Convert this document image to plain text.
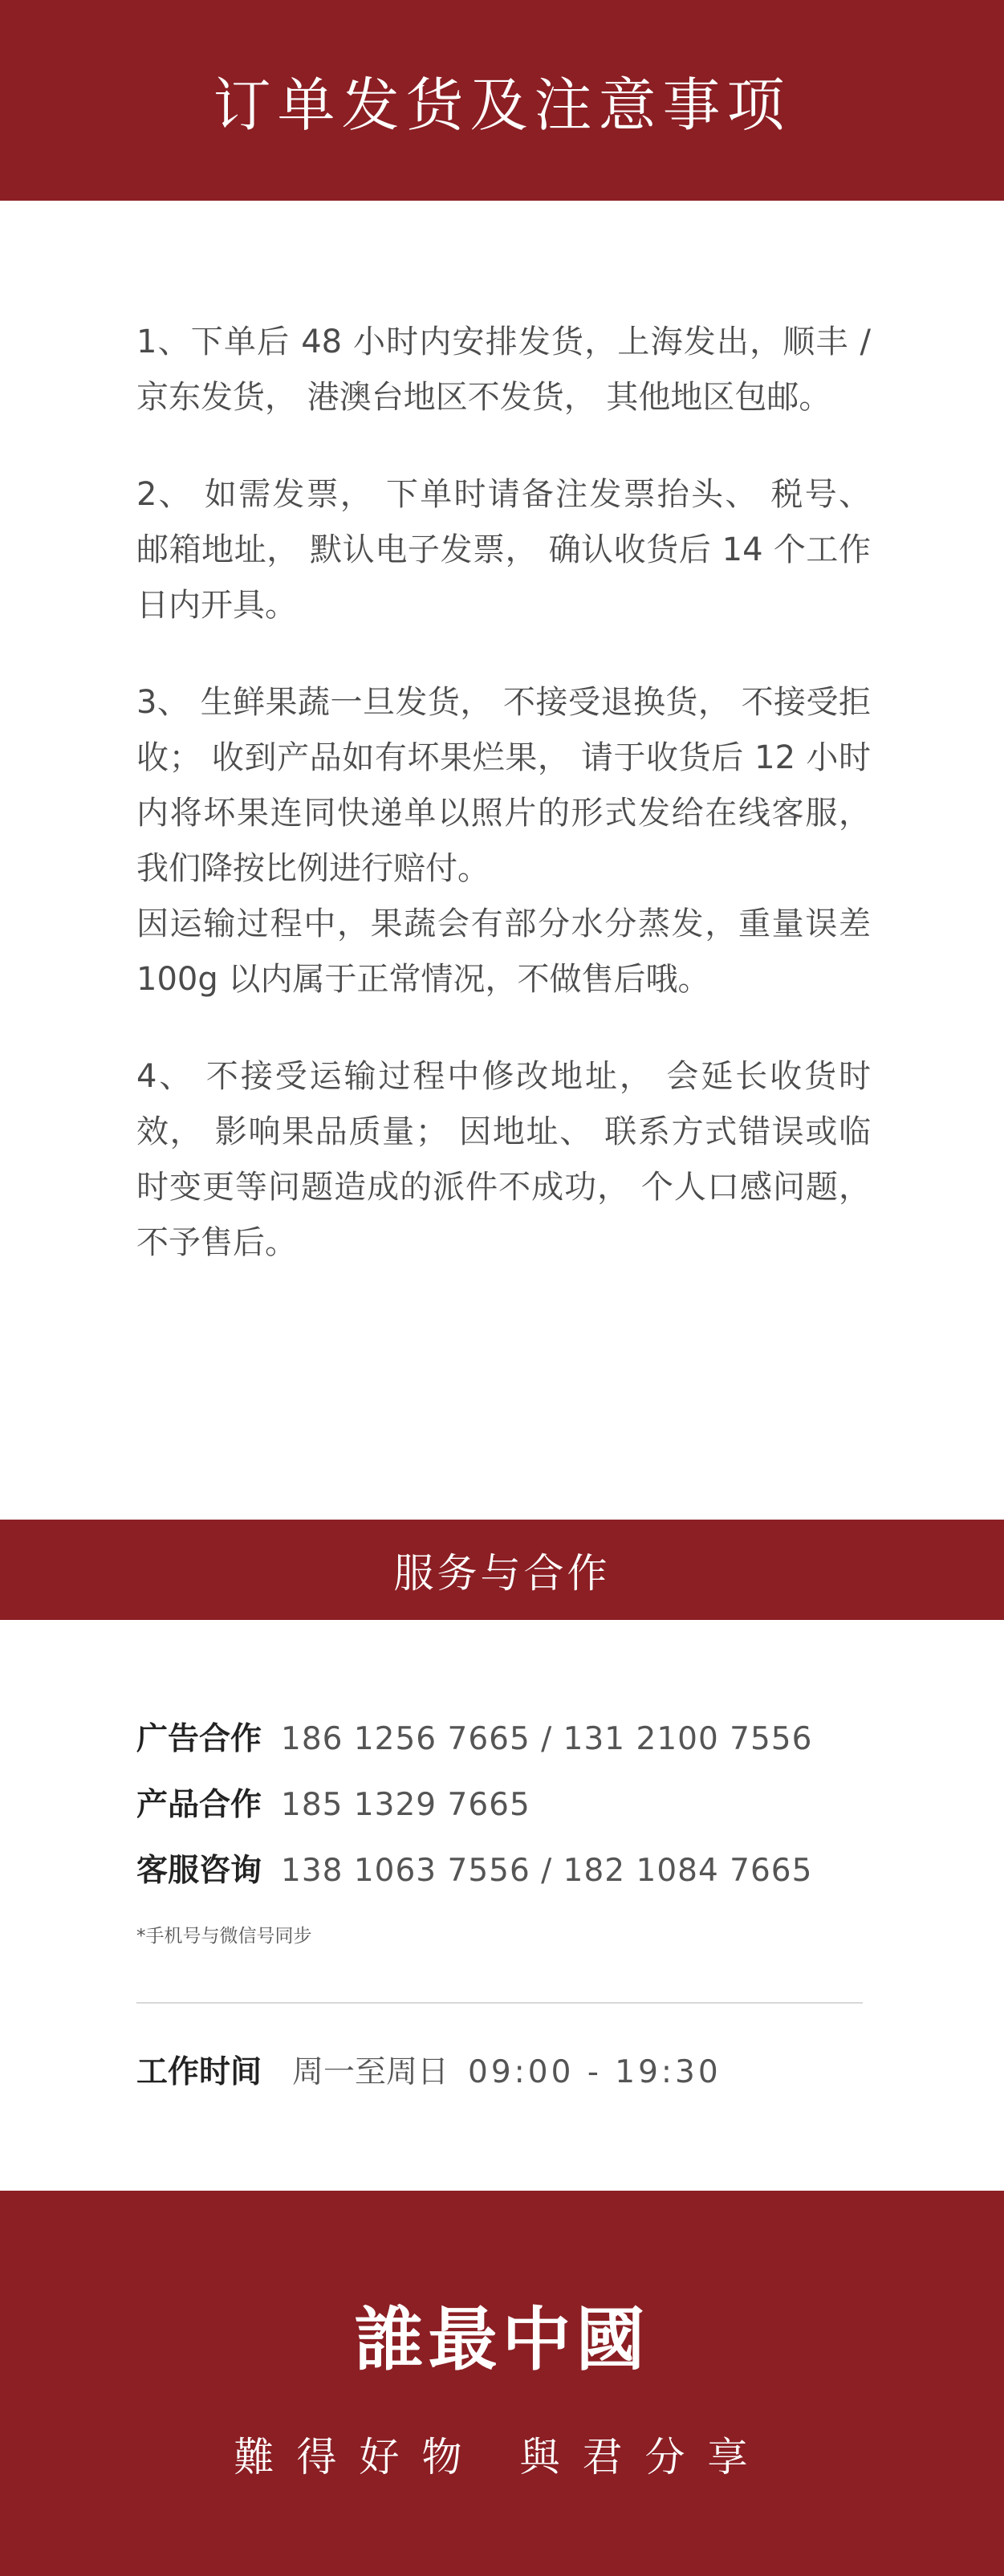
订单发货及注意事项

1、下单后 48 小时内安排发货，上海发出，顺丰 / 京东发货， 港澳台地区不发货， 其他地区包邮。

2、 如需发票， 下单时请备注发票抬头、 税号、 邮箱地址， 默认电子发票， 确认收货后 14 个工作日内开具。

3、 生鲜果蔬一旦发货， 不接受退换货， 不接受拒收； 收到产品如有坏果烂果， 请于收货后 12 小时内将坏果连同快递单以照片的形式发给在线客服，我们降按比例进行赔付。

因运输过程中，果蔬会有部分水分蒸发，重量误差 100g 以内属于正常情况，不做售后哦。

4、 不接受运输过程中修改地址， 会延长收货时效， 影响果品质量； 因地址、 联系方式错误或临时变更等问题造成的派件不成功， 个人口感问题，不予售后。

服务与合作
广告合作 186 1256 7665 / 131 2100 7556
产品合作 185 1329 7665
客服咨询 138 1063 7556 / 182 1084 7665
*手机号与微信号同步
工作时间 周一至周日 09:00 - 19:30
誰最中國
難得好物 與君分享
